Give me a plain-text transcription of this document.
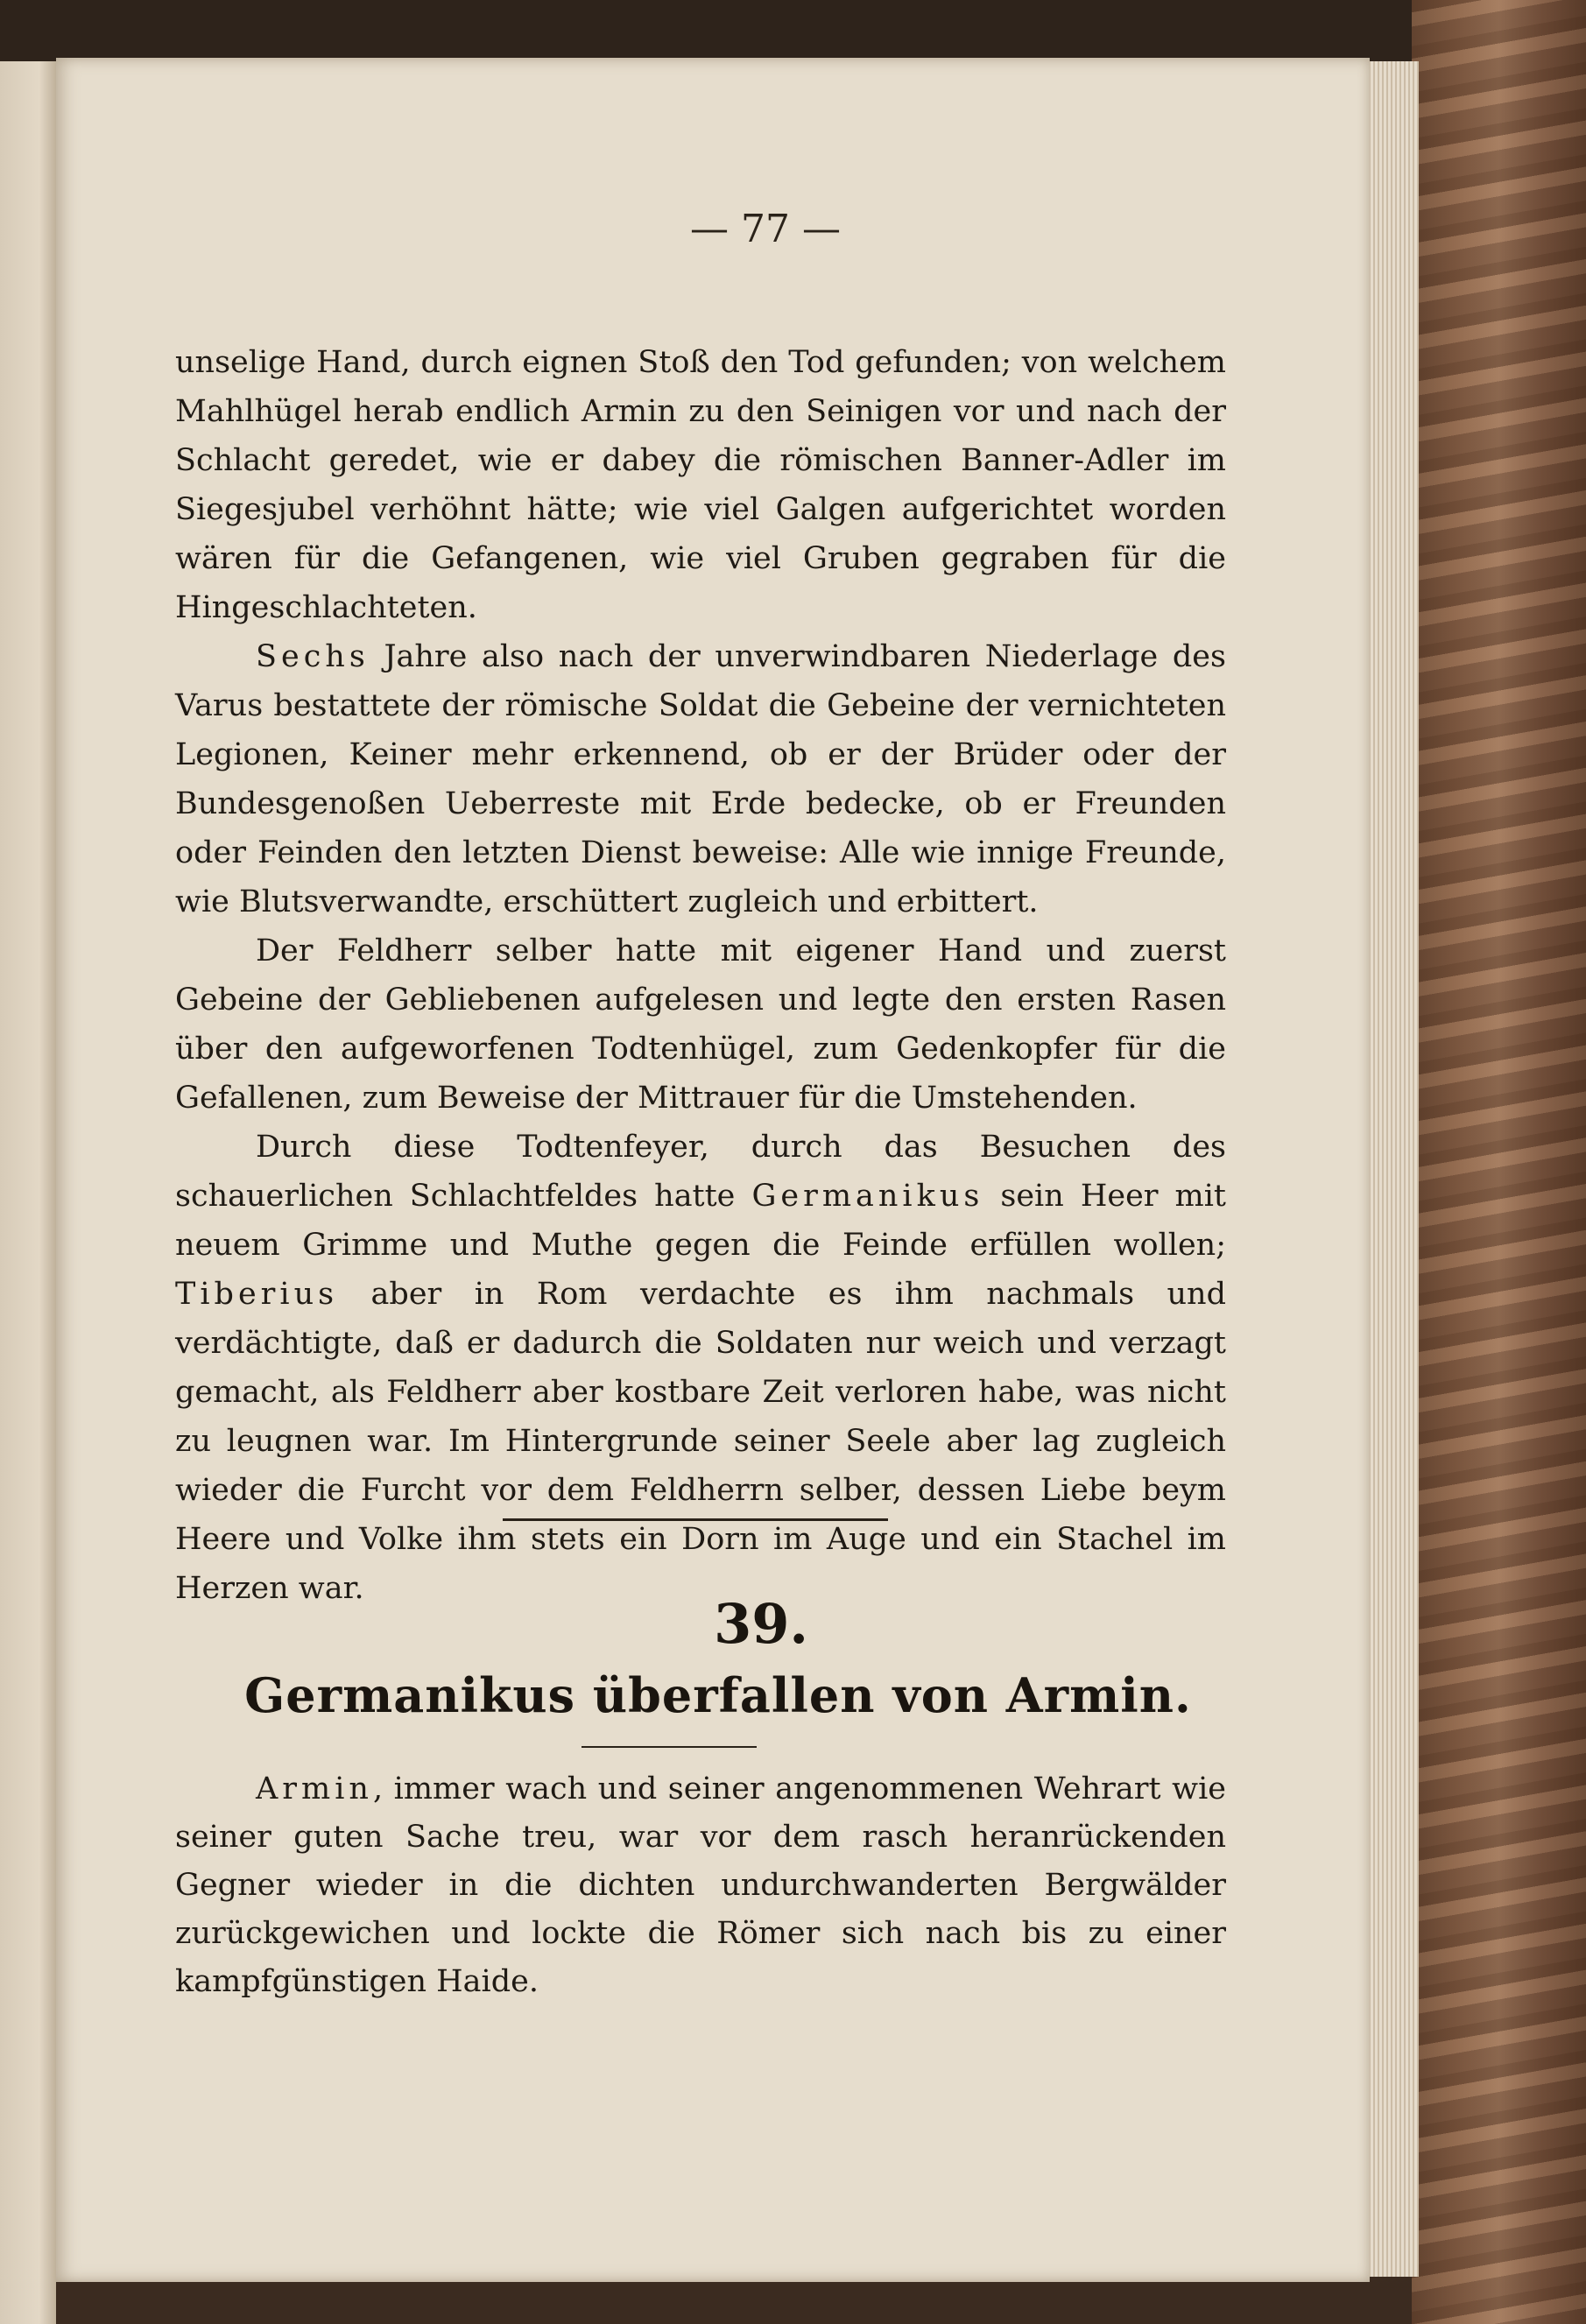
— 77 —

unselige Hand, durch eignen Stoß den Tod gefunden; von welchem Mahlhügel herab endlich Armin zu den Seinigen vor und nach der Schlacht geredet, wie er dabey die römischen Banner-Adler im Siegesjubel verhöhnt hätte; wie viel Galgen aufgerichtet worden wären für die Gefangenen, wie viel Gruben gegraben für die Hingeschlachteten.

Sechs Jahre also nach der unverwindbaren Niederlage des Varus bestattete der römische Soldat die Gebeine der vernichteten Legionen, Keiner mehr erkennend, ob er der Brüder oder der Bundesgenoßen Ueberreste mit Erde bedecke, ob er Freunden oder Feinden den letzten Dienst beweise: Alle wie innige Freunde, wie Blutsverwandte, erschüttert zugleich und erbittert.

Der Feldherr selber hatte mit eigener Hand und zuerst Gebeine der Gebliebenen aufgelesen und legte den ersten Rasen über den aufgeworfenen Todtenhügel, zum Gedenkopfer für die Gefallenen, zum Beweise der Mittrauer für die Umstehenden.

Durch diese Todtenfeyer, durch das Besuchen des schauerlichen Schlachtfeldes hatte Germanikus sein Heer mit neuem Grimme und Muthe gegen die Feinde erfüllen wollen; Tiberius aber in Rom verdachte es ihm nachmals und verdächtigte, daß er dadurch die Soldaten nur weich und verzagt gemacht, als Feldherr aber kostbare Zeit verloren habe, was nicht zu leugnen war. Im Hintergrunde seiner Seele aber lag zugleich wieder die Furcht vor dem Feldherrn selber, dessen Liebe beym Heere und Volke ihm stets ein Dorn im Auge und ein Stachel im Herzen war.

39.
Germanikus überfallen von Armin.

Armin, immer wach und seiner angenommenen Wehrart wie seiner guten Sache treu, war vor dem rasch heranrückenden Gegner wieder in die dichten undurchwanderten Bergwälder zurückgewichen und lockte die Römer sich nach bis zu einer kampfgünstigen Haide.
